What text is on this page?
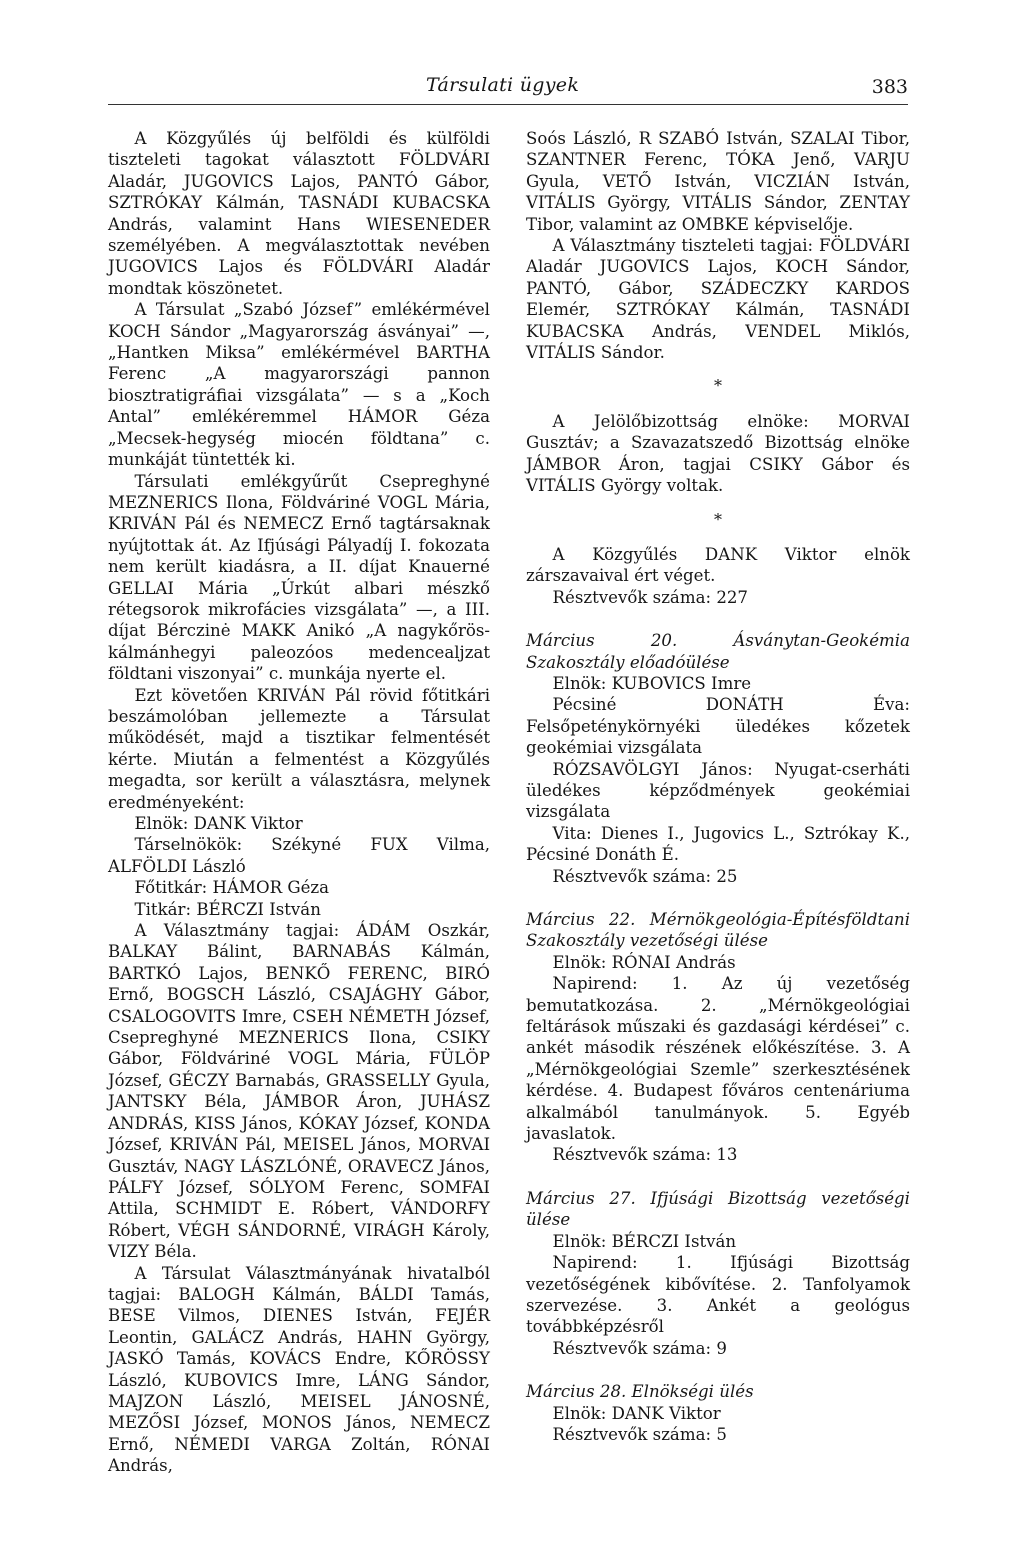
Társulati ügyek	383

A Közgyűlés új belföldi és külföldi tiszteleti tagokat választott FÖLDVÁRI Aladár, JUGOVICS Lajos, PANTÓ Gábor, SZTRÓKAY Kálmán, TASNÁDI KUBACSKA András, valamint Hans WIESENEDER személyében. A megválasztottak nevében JUGOVICS Lajos és FÖLDVÁRI Aladár mondtak köszönetet.

A Társulat „Szabó József” emlékérmével KOCH Sándor „Magyarország ásványai” —, „Hantken Miksa” emlékérmével BARTHA Ferenc „A magyarországi pannon biosztratigráfiai vizsgálata” — s a „Koch Antal” emlékéremmel HÁMOR Géza „Mecsek-hegység miocén földtana” c. munkáját tüntették ki.

Társulati emlékgyűrűt Csepreghyné MEZNERICS Ilona, Földváriné VOGL Mária, KRIVÁN Pál és NEMECZ Ernő tagtársaknak nyújtottak át. Az Ifjúsági Pályadíj I. fokozata nem került kiadásra, a II. díjat Knauerné GELLAI Mária „Úrkút albari mészkő rétegsorok mikrofácies vizsgálata” —, a III. díjat Bérczinė MAKK Anikó „A nagykőrös-kálmánhegyi paleozóos medencealjzat földtani viszonyai” c. munkája nyerte el.

Ezt követően KRIVÁN Pál rövid főtitkári beszámolóban jellemezte a Társulat működését, majd a tisztikar felmentését kérte. Miután a felmentést a Közgyűlés megadta, sor került a választásra, melynek eredményeként:

Elnök: DANK Viktor

Társelnökök: Székyné FUX Vilma, ALFÖLDI László

Főtitkár: HÁMOR Géza

Titkár: BÉRCZI István

A Választmány tagjai: ÁDÁM Oszkár, BALKAY Bálint, BARNABÁS Kálmán, BARTKÓ Lajos, BENKŐ FERENC, BIRÓ Ernő, BOGSCH László, CSAJÁGHY Gábor, CSALOGOVITS Imre, CSEH NÉMETH József, Csepreghyné MEZNERICS Ilona, CSIKY Gábor, Földváriné VOGL Mária, FÜLÖP József, GÉCZY Barnabás, GRASSELLY Gyula, JANTSKY Béla, JÁMBOR Áron, JUHÁSZ ANDRÁS, KISS János, KÓKAY József, KONDA József, KRIVÁN Pál, MEISEL János, MORVAI Gusztáv, NAGY LÁSZLÓNÉ, ORAVECZ János, PÁLFY József, SÓLYOM Ferenc, SOMFAI Attila, SCHMIDT E. Róbert, VÁNDORFY Róbert, VÉGH SÁNDORNÉ, VIRÁGH Károly, VIZY Béla.

A Társulat Választmányának hivatalból tagjai: BALOGH Kálmán, BÁLDI Tamás, BESE Vilmos, DIENES István, FEJÉR Leontin, GALÁCZ András, HAHN György, JASKÓ Tamás, KOVÁCS Endre, KŐRÖSSY László, KUBOVICS Imre, LÁNG Sándor, MAJZON László, MEISEL JÁNOSNÉ, MEZŐSI József, MONOS János, NEMECZ Ernő, NÉMEDI VARGA Zoltán, RÓNAI András,

Soós László, R SZABÓ István, SZALAI Tibor, SZANTNER Ferenc, TÓKA Jenő, VARJU Gyula, VETŐ István, VICZIÁN István, VITÁLIS György, VITÁLIS Sándor, ZENTAY Tibor, valamint az OMBKE képviselője.

A Választmány tiszteleti tagjai: FÖLDVÁRI Aladár JUGOVICS Lajos, KOCH Sándor, PANTÓ, Gábor, SZÁDECZKY KARDOS Elemér, SZTRÓKAY Kálmán, TASNÁDI KUBACSKA András, VENDEL Miklós, VITÁLIS Sándor.

*

A Jelölőbizottság elnöke: MORVAI Gusztáv; a Szavazatszedő Bizottság elnöke JÁMBOR Áron, tagjai CSIKY Gábor és VITÁLIS György voltak.

*

A Közgyűlés DANK Viktor elnök zárszavaival ért véget.

Résztvevők száma: 227

Március 20. Ásványtan-Geokémia Szakosztály előadóülése

Elnök: KUBOVICS Imre

Pécsiné DONÁTH Éva: Felsőpeténykörnyéki üledékes kőzetek geokémiai vizsgálata

RÓZSAVÖLGYI János: Nyugat-cserháti üledékes képződmények geokémiai vizsgálata

Vita: Dienes I., Jugovics L., Sztrókay K., Pécsiné Donáth É.

Résztvevők száma: 25

Március 22. Mérnökgeológia-Építésföldtani Szakosztály vezetőségi ülése

Elnök: RÓNAI András

Napirend: 1. Az új vezetőség bemutatkozása. 2. „Mérnökgeológiai feltárások műszaki és gazdasági kérdései” c. ankét második részének előkészítése. 3. A „Mérnökgeológiai Szemle” szerkesztésének kérdése. 4. Budapest főváros centenáriuma alkalmából tanulmányok. 5. Egyéb javaslatok.

Résztvevők száma: 13

Március 27. Ifjúsági Bizottság vezetőségi ülése

Elnök: BÉRCZI István

Napirend: 1. Ifjúsági Bizottság vezetőségének kibővítése. 2. Tanfolyamok szervezése. 3. Ankét a geológus továbbképzésről

Résztvevők száma: 9

Március 28. Elnökségi ülés

Elnök: DANK Viktor

Résztvevők száma: 5
